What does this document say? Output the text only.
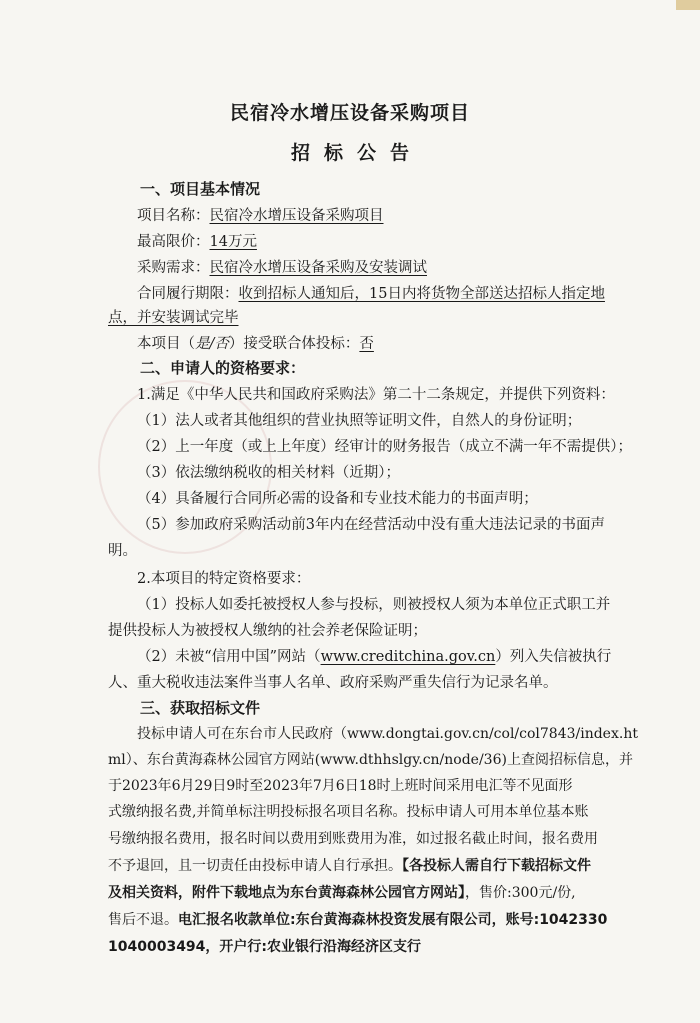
民宿冷水增压设备采购项目
招标公告
一、项目基本情况
项目名称：民宿冷水增压设备采购项目
最高限价：14万元
采购需求：民宿冷水增压设备采购及安装调试
合同履行期限：收到招标人通知后，15日内将货物全部送达招标人指定地
点，并安装调试完毕
本项目（是/否）接受联合体投标：否
二、申请人的资格要求：
1.满足《中华人民共和国政府采购法》第二十二条规定，并提供下列资料：
（1）法人或者其他组织的营业执照等证明文件，自然人的身份证明；
（2）上一年度（或上上年度）经审计的财务报告（成立不满一年不需提供）；
（3）依法缴纳税收的相关材料（近期）；
（4）具备履行合同所必需的设备和专业技术能力的书面声明；
（5）参加政府采购活动前3年内在经营活动中没有重大违法记录的书面声
明。
2.本项目的特定资格要求：
（1）投标人如委托被授权人参与投标，则被授权人须为本单位正式职工并
提供投标人为被授权人缴纳的社会养老保险证明；
（2）未被“信用中国”网站（www.creditchina.gov.cn）列入失信被执行
人、重大税收违法案件当事人名单、政府采购严重失信行为记录名单。
三、获取招标文件
投标申请人可在东台市人民政府（www.dongtai.gov.cn/col/col7843/index.ht
ml）、东台黄海森林公园官方网站(www.dthhslgy.cn/node/36)上查阅招标信息，并
于2023年6月29日9时至2023年7月6日18时上班时间采用电汇等不见面形
式缴纳报名费,并简单标注明投标报名项目名称。投标申请人可用本单位基本账
号缴纳报名费用，报名时间以费用到账费用为准，如过报名截止时间，报名费用
不予退回，且一切责任由投标申请人自行承担。【各投标人需自行下载招标文件
及相关资料，附件下载地点为东台黄海森林公园官方网站】，售价:300元/份,
售后不退。电汇报名收款单位:东台黄海森林投资发展有限公司，账号:1042330
1040003494，开户行:农业银行沿海经济区支行
